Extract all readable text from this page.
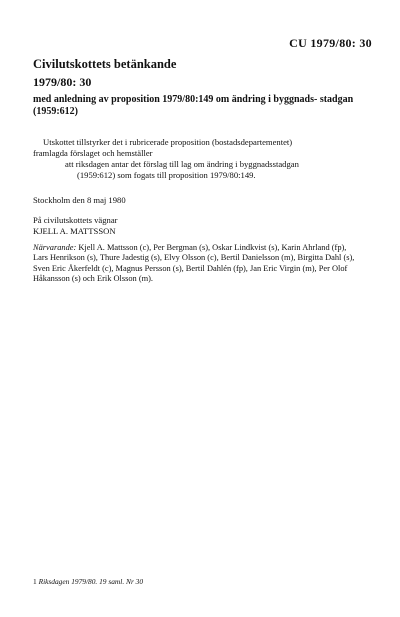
CU 1979/80: 30
Civilutskottets betänkande
1979/80: 30
med anledning av proposition 1979/80:149 om ändring i byggnads- stadgan (1959:612)

Utskottet tillstyrker det i rubricerade proposition (bostadsdepartementet)

framlagda förslaget och hemställer

att riksdagen antar det förslag till lag om ändring i byggnadsstadgan

(1959:612) som fogats till proposition 1979/80:149.

Stockholm den 8 maj 1980

På civilutskottets vägnar

KJELL A. MATTSSON

Närvarande: Kjell A. Mattsson (c), Per Bergman (s), Oskar Lindkvist (s), Karin Ahrland (fp), Lars Henrikson (s), Thure Jadestig (s), Elvy Olsson (c), Bertil Danielsson (m), Birgitta Dahl (s), Sven Eric Åkerfeldt (c), Magnus Persson (s), Bertil Dahlén (fp), Jan Eric Virgin (m), Per Olof Håkansson (s) och Erik Olsson (m).
1 Riksdagen 1979/80. 19 saml. Nr 30
